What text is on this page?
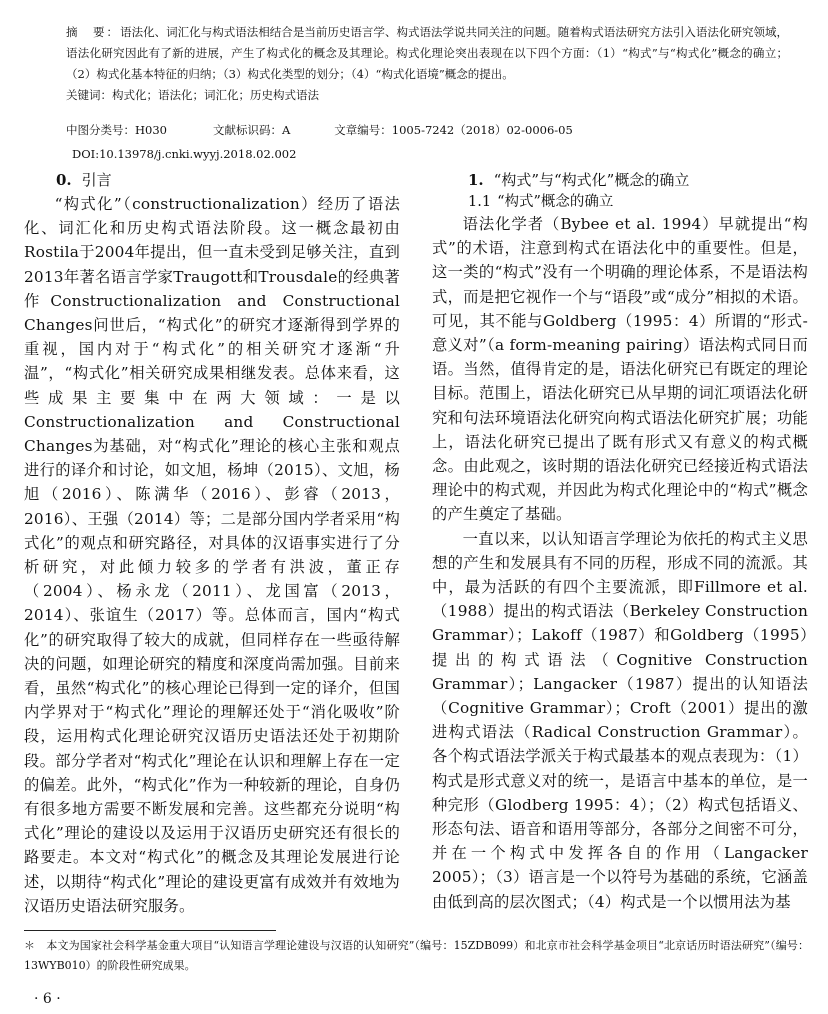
摘　要：语法化、词汇化与构式语法相结合是当前历史语言学、构式语法学说共同关注的问题。随着构式语法研究方法引入语法化研究领域，语法化研究因此有了新的进展，产生了构式化的概念及其理论。构式化理论突出表现在以下四个方面：（1）“构式”与“构式化”概念的确立；（2）构式化基本特征的归纳；（3）构式化类型的划分；（4）“构式化语境”概念的提出。

关键词：构式化；语法化；词汇化；历史构式语法

中图分类号：H030	文献标识码：A	文章编号：1005-7242（2018）02-0006-05
DOI:10.13978/j.cnki.wyyj.2018.02.002
0. 引言

“构式化”（constructionalization）经历了语法化、词汇化和历史构式语法阶段。这一概念最初由Rostila于2004年提出，但一直未受到足够关注，直到2013年著名语言学家Traugott和Trousdale的经典著作Constructionalization and Constructional Changes问世后，“构式化”的研究才逐渐得到学界的重视，国内对于“构式化”的相关研究才逐渐“升温”，“构式化”相关研究成果相继发表。总体来看，这些成果主要集中在两大领域：一是以Constructionalization and Constructional Changes为基础，对“构式化”理论的核心主张和观点进行的译介和讨论，如文旭，杨坤（2015）、文旭，杨旭（2016）、陈满华（2016）、彭睿（2013，2016）、王强（2014）等；二是部分国内学者采用“构式化”的观点和研究路径，对具体的汉语事实进行了分析研究，对此倾力较多的学者有洪波，董正存（2004）、杨永龙（2011）、龙国富（2013，2014）、张谊生（2017）等。总体而言，国内“构式化”的研究取得了较大的成就，但同样存在一些亟待解决的问题，如理论研究的精度和深度尚需加强。目前来看，虽然“构式化”的核心理论已得到一定的译介，但国内学界对于“构式化”理论的理解还处于“消化吸收”阶段，运用构式化理论研究汉语历史语法还处于初期阶段。部分学者对“构式化”理论在认识和理解上存在一定的偏差。此外，“构式化”作为一种较新的理论，自身仍有很多地方需要不断发展和完善。这些都充分说明“构式化”理论的建设以及运用于汉语历史研究还有很长的路要走。本文对“构式化”的概念及其理论发展进行论述，以期待“构式化”理论的建设更富有成效并有效地为汉语历史语法研究服务。

1. “构式”与“构式化”概念的确立
1.1 “构式”概念的确立

语法化学者（Bybee et al. 1994）早就提出“构式”的术语，注意到构式在语法化中的重要性。但是，这一类的“构式”没有一个明确的理论体系，不是语法构式，而是把它视作一个与“语段”或“成分”相拟的术语。可见，其不能与Goldberg（1995：4）所谓的“形式-意义对”（a form-meaning pairing）语法构式同日而语。当然，值得肯定的是，语法化研究已有既定的理论目标。范围上，语法化研究已从早期的词汇项语法化研究和句法环境语法化研究向构式语法化研究扩展；功能上，语法化研究已提出了既有形式又有意义的构式概念。由此观之，该时期的语法化研究已经接近构式语法理论中的构式观，并因此为构式化理论中的“构式”概念的产生奠定了基础。

一直以来，以认知语言学理论为依托的构式主义思想的产生和发展具有不同的历程，形成不同的流派。其中，最为活跃的有四个主要流派，即Fillmore et al.（1988）提出的构式语法（Berkeley Construction Grammar）；Lakoff（1987）和Goldberg（1995）提出的构式语法（Cognitive Construction Grammar）；Langacker（1987）提出的认知语法（Cognitive Grammar）；Croft（2001）提出的激进构式语法（Radical Construction Grammar）。各个构式语法学派关于构式最基本的观点表现为：（1）构式是形式意义对的统一，是语言中基本的单位，是一种完形（Glodberg 1995：4）；（2）构式包括语义、形态句法、语音和语用等部分，各部分之间密不可分，并在一个构式中发挥各自的作用（Langacker 2005）；（3）语言是一个以符号为基础的系统，它涵盖由低到高的层次图式；（4）构式是一个以惯用法为基

＊　本文为国家社会科学基金重大项目“认知语言学理论建设与汉语的认知研究”（编号：15ZDB099）和北京市社会科学基金项目“北京话历时语法研究”（编号：13WYB010）的阶段性研究成果。
· 6 ·
